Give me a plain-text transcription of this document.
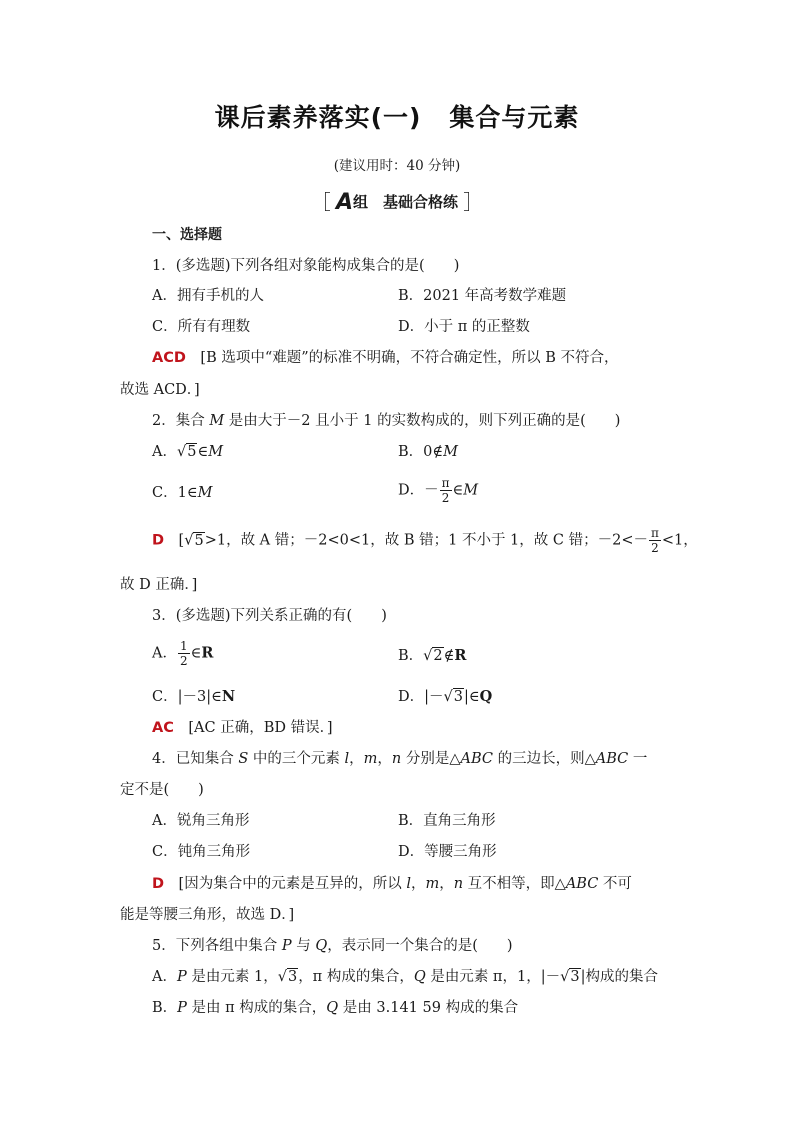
课后素养落实(一) 集合与元素
(建议用时：40 分钟)
［ A组　基础合格练 ］
一、选择题
1．(多选题)下列各组对象能构成集合的是(　　)
A．拥有手机的人	B．2021 年高考数学难题
C．所有有理数	D．小于 π 的正整数
ACD　 [B 选项中“难题”的标准不明确，不符合确定性，所以 B 不符合，
故选 ACD．]
2．集合 M 是由大于－2 且小于 1 的实数构成的，则下列正确的是(　　)
A．√5∈M	B．0∉M
C．1∈M	D．－ $\frac{\pi}{2}$ ∈M
D　 [√5>1，故 A 错；－2<0<1，故 B 错；1 不小于 1，故 C 错；$-2<- \frac{\pi}{2} <1$，
故 D 正确．]
3．(多选题)下列关系正确的有(　　)
A． $\frac{1}{2}$ ∈R	B．√2∉R
C．|－3|∈N	D．|－√3|∈Q
AC　 [AC 正确，BD 错误．]
4．已知集合 S 中的三个元素 l，m，n 分别是△ABC 的三边长，则△ABC 一
定不是(　　)
A．锐角三角形	B．直角三角形
C．钝角三角形	D．等腰三角形
D　 [因为集合中的元素是互异的，所以 l，m，n 互不相等，即△ABC 不可
能是等腰三角形，故选 D．]
5．下列各组中集合 P 与 Q，表示同一个集合的是(　　)
A．P 是由元素 1，√3，π 构成的集合，Q 是由元素 π，1，|－√3|构成的集合
B．P 是由 π 构成的集合，Q 是由 3.141 59 构成的集合
